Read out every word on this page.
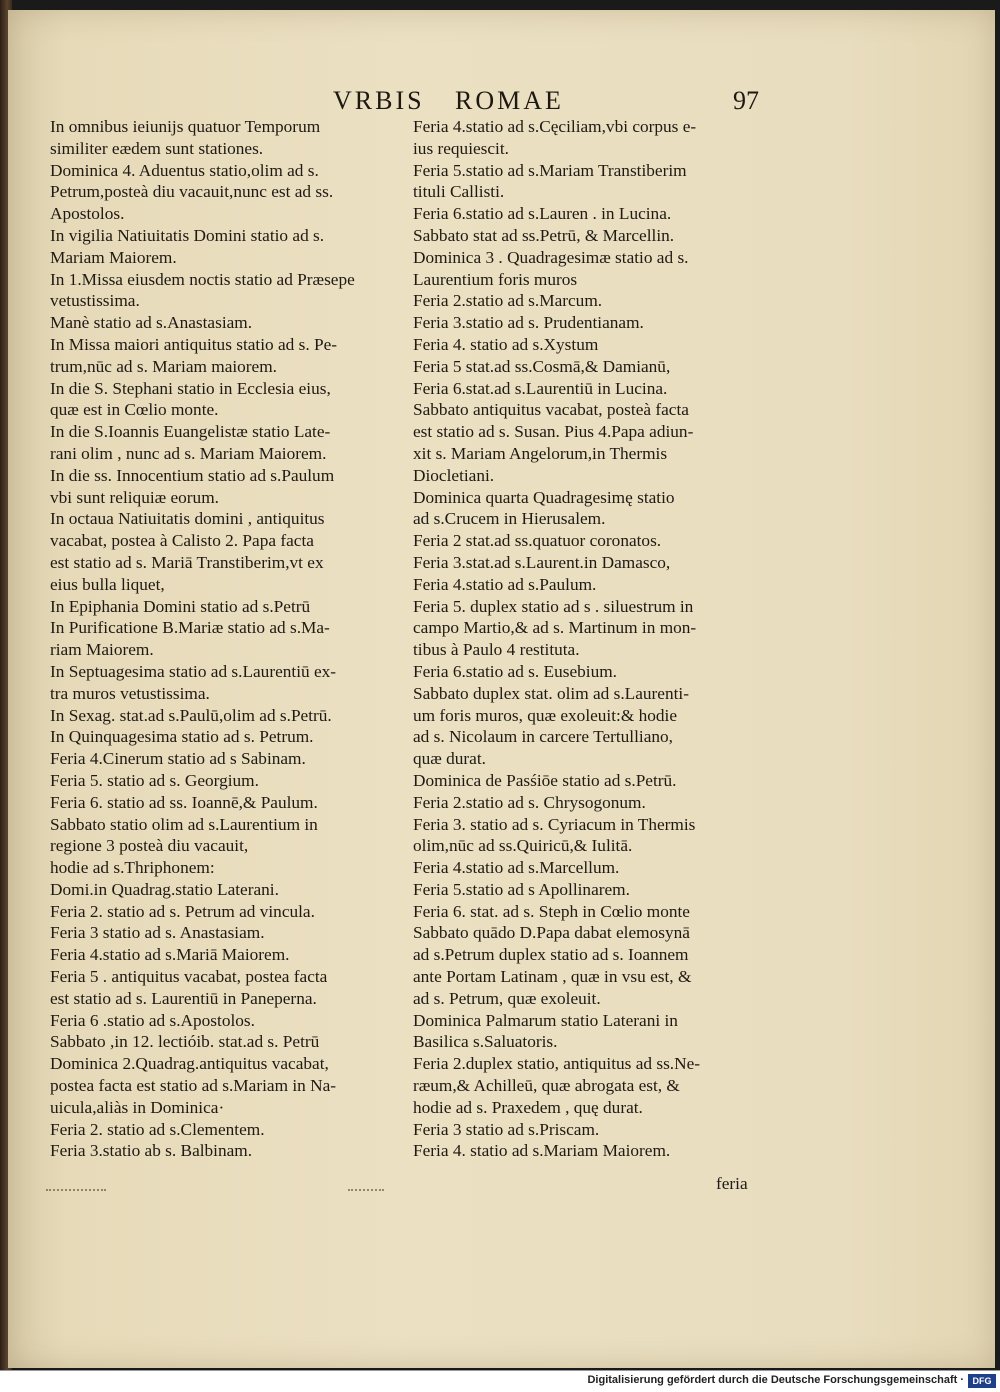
VRBIS ROMAE	97
In omnibus ieiunijs quatuor Temporum
similiter eædem sunt stationes.
Dominica 4. Aduentus statio,olim ad s.
Petrum,posteà diu vacauit,nunc est ad ss.
Apostolos.
In vigilia Natiuitatis Domini statio ad s.
Mariam Maiorem.
In 1.Missa eiusdem noctis statio ad Præsepe
vetustissima.
Manè statio ad s.Anastasiam.
In Missa maiori antiquitus statio ad s. Pe-
trum,nūc ad s. Mariam maiorem.
In die S. Stephani statio in Ecclesia eius,
quæ est in Cœlio monte.
In die S.Ioannis Euangelistæ statio Late-
rani olim , nunc ad s. Mariam Maiorem.
In die ss. Innocentium statio ad s.Paulum
vbi sunt reliquiæ eorum.
In octaua Natiuitatis domini , antiquitus
vacabat, postea à Calisto 2. Papa facta
est statio ad s. Mariā Transtiberim,vt ex
eius bulla liquet,
In Epiphania Domini statio ad s.Petrū
In Purificatione B.Mariæ statio ad s.Ma-
riam Maiorem.
In Septuagesima statio ad s.Laurentiū ex-
tra muros vetustissima.
In Sexag. stat.ad s.Paulū,olim ad s.Petrū.
In Quinquagesima statio ad s. Petrum.
Feria 4.Cinerum statio ad s Sabinam.
Feria 5. statio ad s. Georgium.
Feria 6. statio ad ss. Ioannē,& Paulum.
Sabbato statio olim ad s.Laurentium in
regione 3 posteà diu vacauit,
hodie ad s.Thriphonem:
Domi.in Quadrag.statio Laterani.
Feria 2. statio ad s. Petrum ad vincula.
Feria 3 statio ad s. Anastasiam.
Feria 4.statio ad s.Mariā Maiorem.
Feria 5 . antiquitus vacabat, postea facta
est statio ad s. Laurentiū in Paneperna.
Feria 6 .statio ad s.Apostolos.
Sabbato ,in 12. lectióib. stat.ad s. Petrū
Dominica 2.Quadrag.antiquitus vacabat,
postea facta est statio ad s.Mariam in Na-
uicula,aliàs in Dominica·
Feria 2. statio ad s.Clementem.
Feria 3.statio ab s. Balbinam.
Feria 4.statio ad s.Cęciliam,vbi corpus e-
ius requiescit.
Feria 5.statio ad s.Mariam Transtiberim
tituli Callisti.
Feria 6.statio ad s.Lauren . in Lucina.
Sabbato stat ad ss.Petrū, & Marcellin.
Dominica 3 . Quadragesimæ statio ad s.
Laurentium foris muros
Feria 2.statio ad s.Marcum.
Feria 3.statio ad s. Prudentianam.
Feria 4. statio ad s.Xystum
Feria 5 stat.ad ss.Cosmā,& Damianū,
Feria 6.stat.ad s.Laurentiū in Lucina.
Sabbato antiquitus vacabat, posteà facta
est statio ad s. Susan. Pius 4.Papa adiun-
xit s. Mariam Angelorum,in Thermis
Diocletiani.
Dominica quarta Quadragesimę statio
ad s.Crucem in Hierusalem.
Feria 2 stat.ad ss.quatuor coronatos.
Feria 3.stat.ad s.Laurent.in Damasco,
Feria 4.statio ad s.Paulum.
Feria 5. duplex statio ad s . siluestrum in
campo Martio,& ad s. Martinum in mon-
tibus à Paulo 4 restituta.
Feria 6.statio ad s. Eusebium.
Sabbato duplex stat. olim ad s.Laurenti-
um foris muros, quæ exoleuit:& hodie
ad s. Nicolaum in carcere Tertulliano,
quæ durat.
Dominica de Pasśiōe statio ad s.Petrū.
Feria 2.statio ad s. Chrysogonum.
Feria 3. statio ad s. Cyriacum in Thermis
olim,nūc ad ss.Quiricū,& Iulitā.
Feria 4.statio ad s.Marcellum.
Feria 5.statio ad s Apollinarem.
Feria 6. stat. ad s. Steph in Cœlio monte
Sabbato quādo D.Papa dabat elemosynā
ad s.Petrum duplex statio ad s. Ioannem
ante Portam Latinam , quæ in vsu est, &
ad s. Petrum, quæ exoleuit.
Dominica Palmarum statio Laterani in
Basilica s.Saluatoris.
Feria 2.duplex statio, antiquitus ad ss.Ne-
ræum,& Achilleū, quæ abrogata est, &
hodie ad s. Praxedem , quę durat.
Feria 3 statio ad s.Priscam.
Feria 4. statio ad s.Mariam Maiorem.
feria
Digitalisierung gefördert durch die Deutsche Forschungsgemeinschaft · DFG
